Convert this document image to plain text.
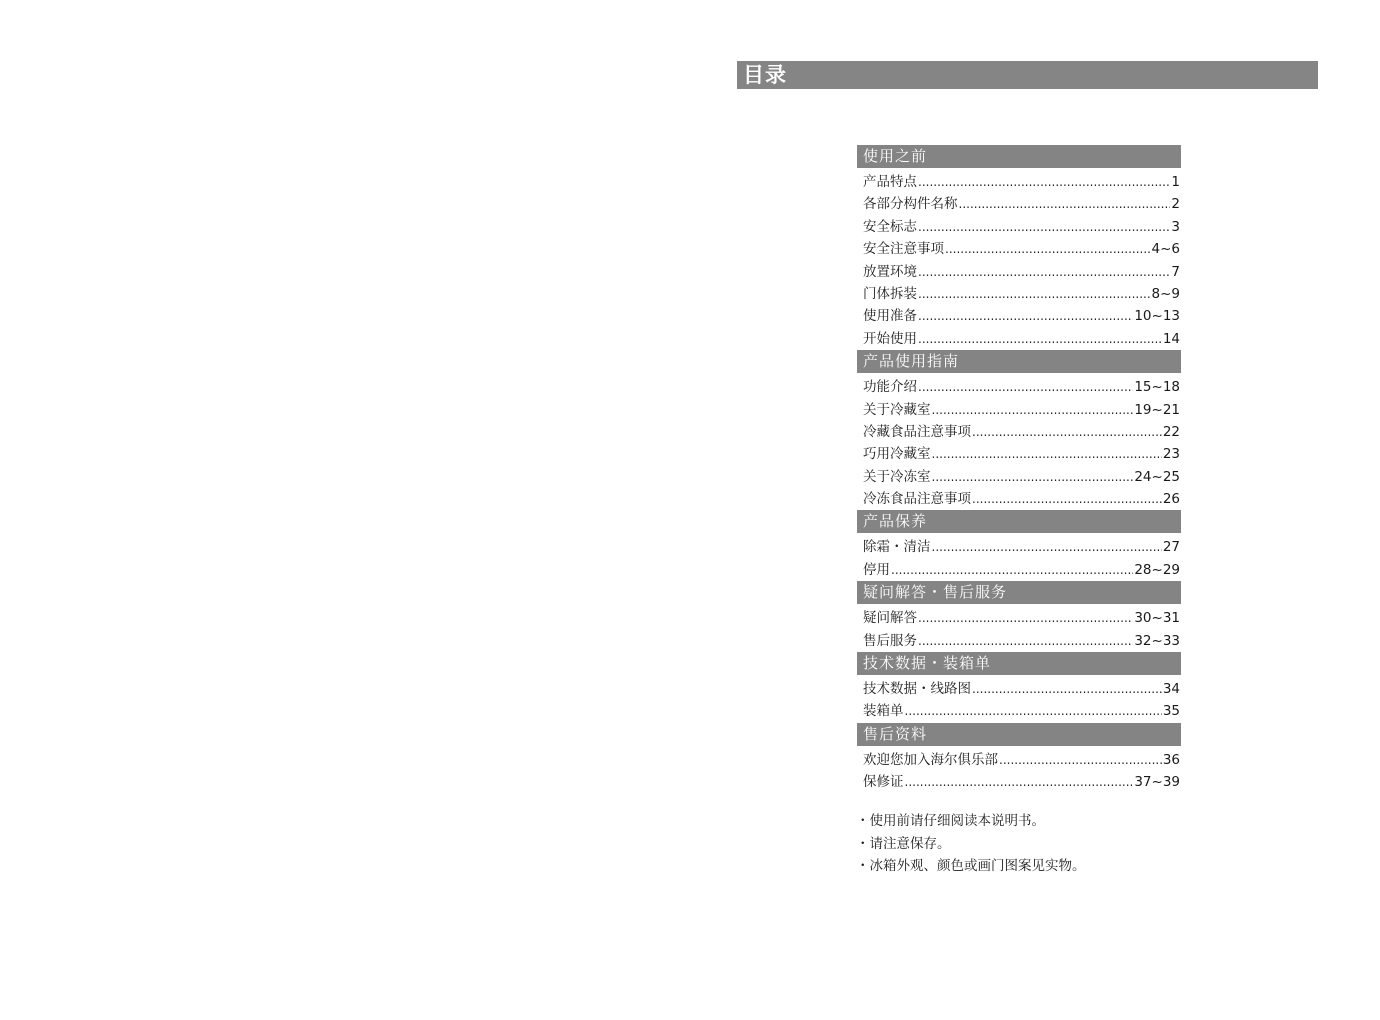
目录
使用之前
产品特点 .....	1
各部分构件名称 .....	2
安全标志 .....	3
安全注意事项 .....	4~6
放置环境 .....	7
门体拆装 .....	8~9
使用准备 .....	10~13
开始使用 .....	14
产品使用指南
功能介绍 .....	15~18
关于冷藏室 .....	19~21
冷藏食品注意事项 .....	22
巧用冷藏室 .....	23
关于冷冻室 .....	24~25
冷冻食品注意事项 .....	26
产品保养
除霜・清洁 .....	27
停用 .....	28~29
疑问解答・售后服务
疑问解答 .....	30~31
售后服务 .....	32~33
技术数据・装箱单
技术数据・线路图 .....	34
装箱单 .....	35
售后资料
欢迎您加入海尔俱乐部 .....	36
保修证 .....	37~39
・使用前请仔细阅读本说明书。
・请注意保存。
・冰箱外观、颜色或画门图案见实物。
